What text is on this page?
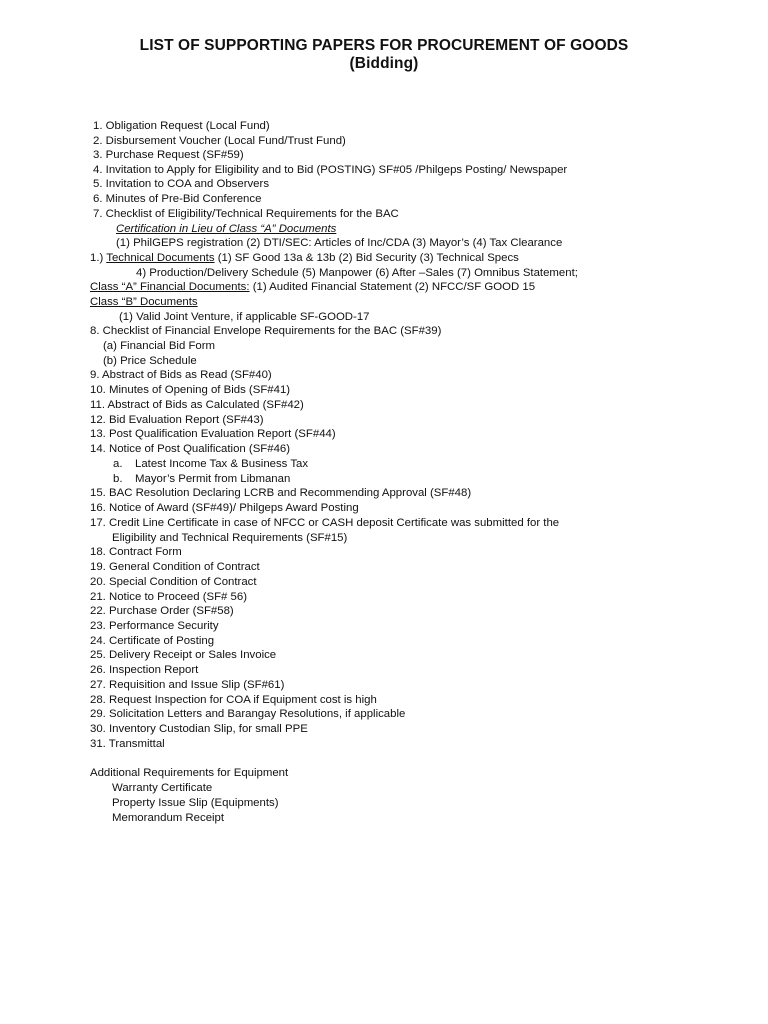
LIST OF SUPPORTING PAPERS FOR PROCUREMENT OF GOODS
(Bidding)
1. Obligation Request (Local Fund)
2. Disbursement Voucher (Local Fund/Trust Fund)
3. Purchase Request (SF#59)
4. Invitation to Apply for Eligibility and to Bid (POSTING) SF#05 /Philgeps Posting/ Newspaper
5. Invitation to COA and Observers
6. Minutes of Pre-Bid Conference
7. Checklist of Eligibility/Technical Requirements for the BAC
Certification in Lieu of Class “A” Documents
(1) PhilGEPS registration (2) DTI/SEC: Articles of Inc/CDA (3) Mayor’s (4) Tax Clearance
1.) Technical Documents (1) SF Good 13a & 13b (2) Bid Security (3) Technical Specs
4) Production/Delivery Schedule (5) Manpower (6) After –Sales (7) Omnibus Statement;
Class “A” Financial Documents: (1) Audited Financial Statement (2) NFCC/SF GOOD 15
Class “B” Documents
(1) Valid Joint Venture, if applicable SF-GOOD-17
8. Checklist of Financial Envelope Requirements for the BAC (SF#39)
(a) Financial Bid Form
(b) Price Schedule
9. Abstract of Bids as Read (SF#40)
10. Minutes of Opening of Bids (SF#41)
11. Abstract of Bids as Calculated (SF#42)
12. Bid Evaluation Report (SF#43)
13. Post Qualification Evaluation Report (SF#44)
14. Notice of Post Qualification (SF#46)
a. Latest Income Tax & Business Tax
b. Mayor’s Permit from Libmanan
15. BAC Resolution Declaring LCRB and Recommending Approval (SF#48)
16. Notice of Award (SF#49)/ Philgeps Award Posting
17. Credit Line Certificate in case of NFCC or CASH deposit Certificate was submitted for the
Eligibility and Technical Requirements (SF#15)
18. Contract Form
19. General Condition of Contract
20. Special Condition of Contract
21. Notice to Proceed (SF# 56)
22. Purchase Order (SF#58)
23. Performance Security
24. Certificate of Posting
25. Delivery Receipt or Sales Invoice
26. Inspection Report
27. Requisition and Issue Slip (SF#61)
28. Request Inspection for COA if Equipment cost is high
29. Solicitation Letters and Barangay Resolutions, if applicable
30. Inventory Custodian Slip, for small PPE
31. Transmittal
Additional Requirements for Equipment
Warranty Certificate
Property Issue Slip (Equipments)
Memorandum Receipt
